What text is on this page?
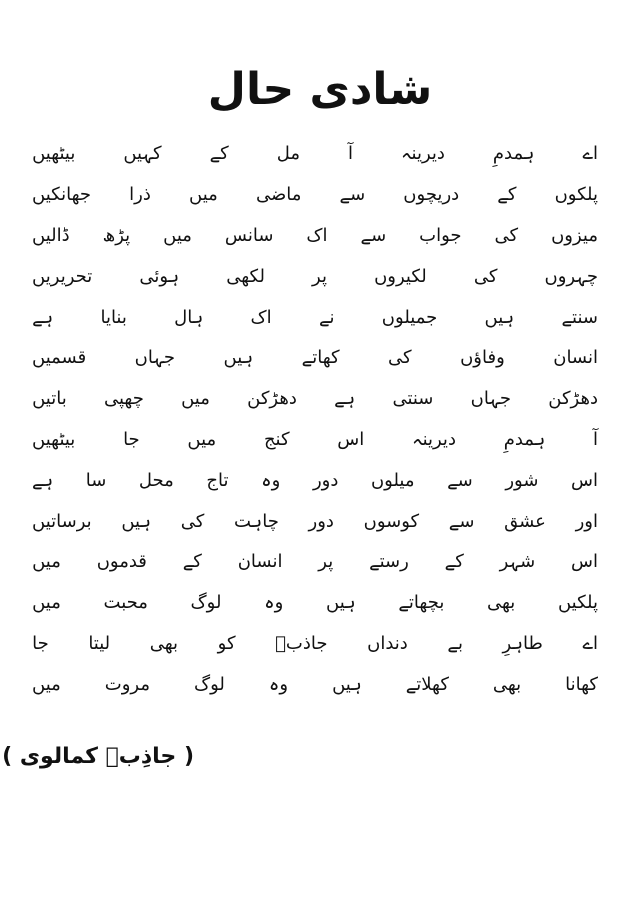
شادی حال
اے
ہمدمِ
دیرینہ
آ
مل
کے
کہیں
بیٹھیں
پلکوں
کے
دریچوں
سے
ماضی
میں
ذرا
جھانکیں
میزوں
کی
جواب
سے
اک
سانس
میں
پڑھ
ڈالیں
چہروں
کی
لکیروں
پر
لکھی
ہوئی
تحریریں
سنتے
ہیں
جمیلوں
نے
اک
ہال
بنایا
ہے
انسان
وفاؤں
کی
کھاتے
ہیں
جہاں
قسمیں
دھڑکن
جہاں
سنتی
ہے
دھڑکن
میں
چھپی
باتیں
آ
ہمدمِ
دیرینہ
اس
کنج
میں
جا
بیٹھیں
اس
شور
سے
میلوں
دور
وہ
تاج
محل
سا
ہے
اور
عشق
سے
کوسوں
دور
چاہت
کی
ہیں
برساتیں
اس
شہر
کے
رستے
پر
انسان
کے
قدموں
میں
پلکیں
بھی
بچھاتے
ہیں
وہ
لوگ
محبت
میں
اے
طاہرِ
بے
دنداں
جاذبؔ
کو
بھی
لیتا
جا
کھانا
بھی
کھلاتے
ہیں
وہ
لوگ
مروت
میں
( جاذِبؔ کمالوی )
